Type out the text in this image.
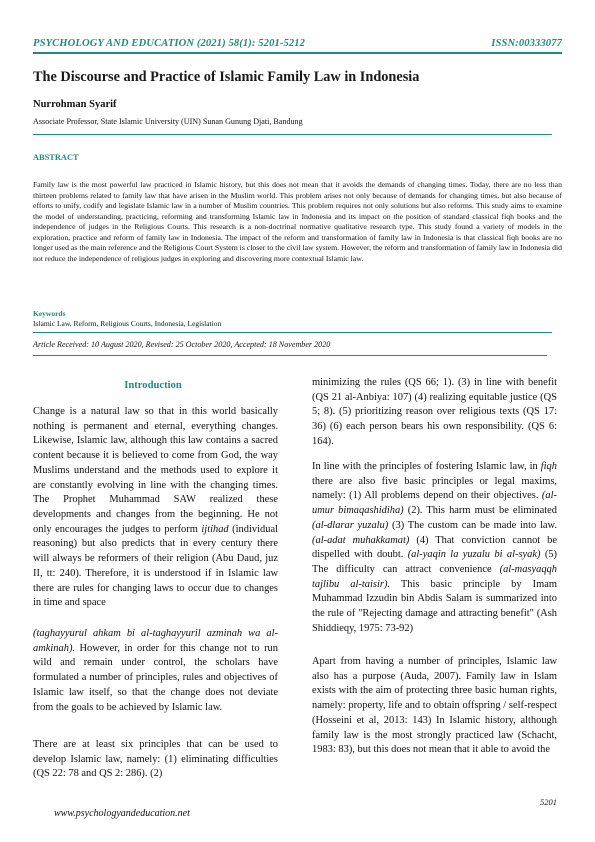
PSYCHOLOGY AND EDUCATION (2021) 58(1): 5201-5212	ISSN:00333077
The Discourse and Practice of Islamic Family Law in Indonesia
Nurrohman Syarif
Associate Professor, State Islamic University (UIN) Sunan Gunung Djati, Bandung
ABSTRACT
Family law is the most powerful law practiced in Islamic history, but this does not mean that it avoids the demands of changing times. Today, there are no less than thirteen problems related to family law that have arisen in the Muslim world. This problem arises not only because of demands for changing times, but also because of efforts to unify, codify and legislate Islamic law in a number of Muslim countries. This problem requires not only solutions but also reforms. This study aims to examine the model of understanding, practicing, reforming and transforming Islamic law in Indonesia and its impact on the position of standard classical fiqh books and the independence of judges in the Religious Courts. This research is a non-doctrinal normative qualitative research type. This study found a variety of models in the exploration, practice and reform of family law in Indonesia. The impact of the reform and transformation of family law in Indonesia is that classical fiqh books are no longer used as the main reference and the Religious Court System is closer to the civil law system. However, the reform and transformation of family law in Indonesia did not reduce the independence of religious judges in exploring and discovering more contextual Islamic law.
Keywords
Islamic Law, Reform, Religious Courts, Indonesia, Legislation
Article Received: 10 August 2020, Revised: 25 October 2020, Accepted: 18 November 2020
Introduction

Change is a natural law so that in this world basically nothing is permanent and eternal, everything changes. Likewise, Islamic law, although this law contains a sacred content because it is believed to come from God, the way Muslims understand and the methods used to explore it are constantly evolving in line with the changing times. The Prophet Muhammad SAW realized these developments and changes from the beginning. He not only encourages the judges to perform ijtihad (individual reasoning) but also predicts that in every century there will always be reformers of their religion (Abu Daud, juz II, tt: 240). Therefore, it is understood if in Islamic law there are rules for changing laws to occur due to changes in time and space

(taghayyurul ahkam bi al-taghayyuril azminah wa al-amkinah). However, in order for this change not to run wild and remain under control, the scholars have formulated a number of principles, rules and objectives of Islamic law itself, so that the change does not deviate from the goals to be achieved by Islamic law.

There are at least six principles that can be used to develop Islamic law, namely: (1) eliminating difficulties (QS 22: 78 and QS 2: 286). (2)

minimizing the rules (QS 66; 1). (3) in line with benefit (QS 21 al-Anbiya: 107) (4) realizing equitable justice (QS 5; 8). (5) prioritizing reason over religious texts (QS 17: 36) (6) each person bears his own responsibility. (QS 6: 164).

In line with the principles of fostering Islamic law, in fiqh there are also five basic principles or legal maxims, namely: (1) All problems depend on their objectives. (al-umur bimaqashidiha) (2). This harm must be eliminated (al-dlarar yuzalu) (3) The custom can be made into law. (al-adat muhakkamat) (4) That conviction cannot be dispelled with doubt. (al-yaqin la yuzalu bi al-syak) (5) The difficulty can attract convenience (al-masyaqqh tajlibu al-taisir). This basic principle by Imam Muhammad Izzudin bin Abdis Salam is summarized into the rule of "Rejecting damage and attracting benefit" (Ash Shiddieqy, 1975: 73-92)

Apart from having a number of principles, Islamic law also has a purpose (Auda, 2007). Family law in Islam exists with the aim of protecting three basic human rights, namely: property, life and to obtain offspring / self-respect (Hosseini et al, 2013: 143) In Islamic history, although family law is the most strongly practiced law (Schacht, 1983: 83), but this does not mean that it able to avoid the

5201
www.psychologyandeducation.net
